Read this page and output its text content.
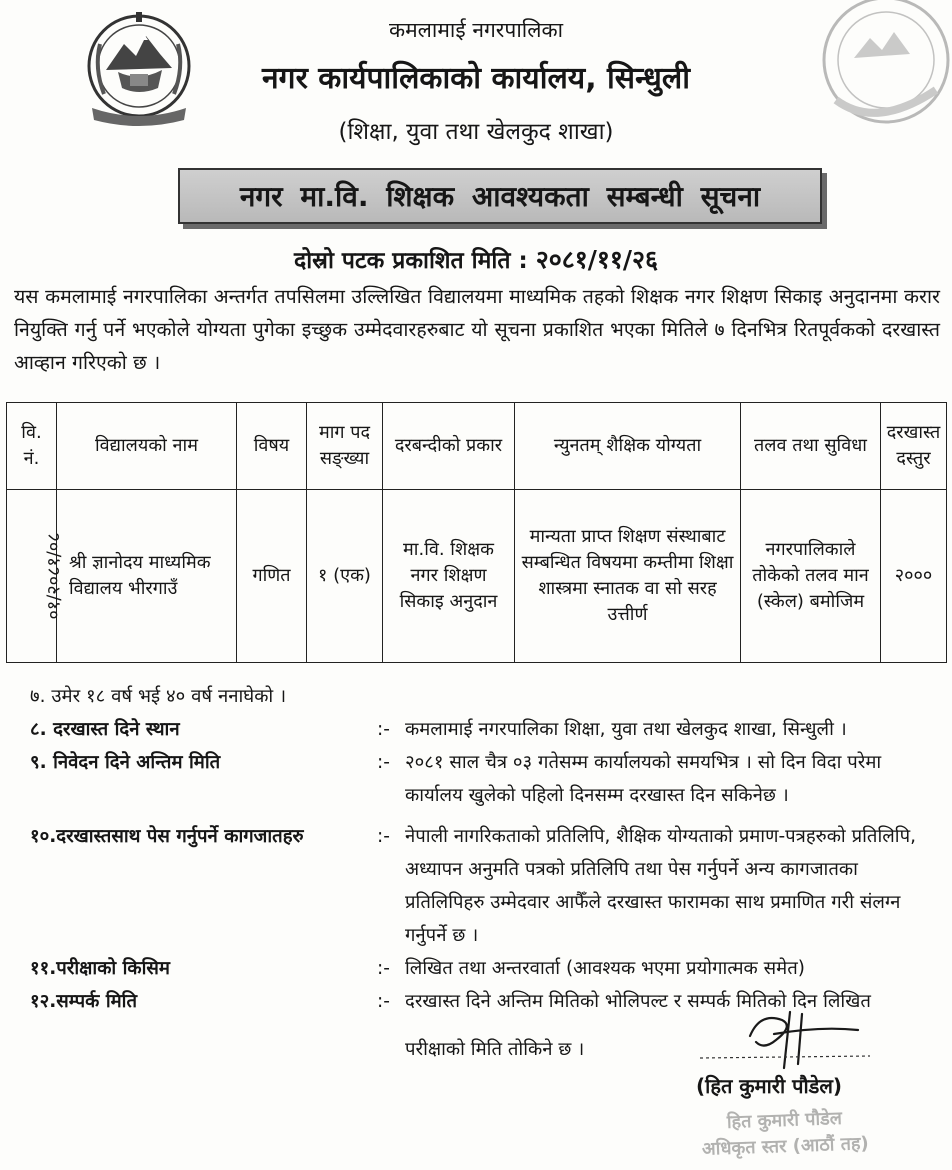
कमलामाई नगरपालिका
नगर कार्यपालिकाको कार्यालय, सिन्धुली
(शिक्षा, युवा तथा खेलकुद शाखा)
नगर मा.वि. शिक्षक आवश्यकता सम्बन्धी सूचना
दोस्रो पटक प्रकाशित मिति : २०८१/११/२६

यस कमलामाई नगरपालिका अन्तर्गत तपसिलमा उल्लिखित विद्यालयमा माध्यमिक तहको शिक्षक नगर शिक्षण सिकाइ अनुदानमा करार नियुक्ति गर्नु पर्ने भएकोले योग्यता पुगेका इच्छुक उम्मेदवारहरुबाट यो सूचना प्रकाशित भएका मितिले ७ दिनभित्र रितपूर्वकको दरखास्त आव्हान गरिएको छ ।

वि. नं.	विद्यालयको नाम	विषय	माग पद सङ्ख्या	दरबन्दीको प्रकार	न्युनतम् शैक्षिक योग्यता	तलव तथा सुविधा	दरखास्त दस्तुर
०१/२०८१/०८	श्री ज्ञानोदय माध्यमिक विद्यालय भीरगाउँ	गणित	१ (एक)	मा.वि. शिक्षक नगर शिक्षण सिकाइ अनुदान	मान्यता प्राप्त शिक्षण संस्थाबाट सम्बन्धित विषयमा कम्तीमा शिक्षा शास्त्रमा स्नातक वा सो सरह उत्तीर्ण	नगरपालिकाले तोकेको तलव मान (स्केल) बमोजिम	२०००
७. उमेर १८ वर्ष भई ४० वर्ष ननाघेको ।
८. दरखास्त दिने स्थान	:- कमलामाई नगरपालिका शिक्षा, युवा तथा खेलकुद शाखा, सिन्धुली ।
९. निवेदन दिने अन्तिम मिति	:- २०८१ साल चैत्र ०३ गतेसम्म कार्यालयको समयभित्र । सो दिन विदा परेमा कार्यालय खुलेको पहिलो दिनसम्म दरखास्त दिन सकिनेछ ।
१०.दरखास्तसाथ पेस गर्नुपर्ने कागजातहरु	:- नेपाली नागरिकताको प्रतिलिपि, शैक्षिक योग्यताको प्रमाण-पत्रहरुको प्रतिलिपि, अध्यापन अनुमति पत्रको प्रतिलिपि तथा पेस गर्नुपर्ने अन्य कागजातका प्रतिलिपिहरु उम्मेदवार आफैँले दरखास्त फारामका साथ प्रमाणित गरी संलग्न गर्नुपर्ने छ ।
११.परीक्षाको किसिम	:- लिखित तथा अन्तरवार्ता (आवश्यक भएमा प्रयोगात्मक समेत)
१२.सम्पर्क मिति	:- दरखास्त दिने अन्तिम मितिको भोलिपल्ट र सम्पर्क मितिको दिन लिखित
परीक्षाको मिति तोकिने छ ।
(हित कुमारी पौडेल)
हित कुमारी पौडेल
अधिकृत स्तर (आठौं तह)
